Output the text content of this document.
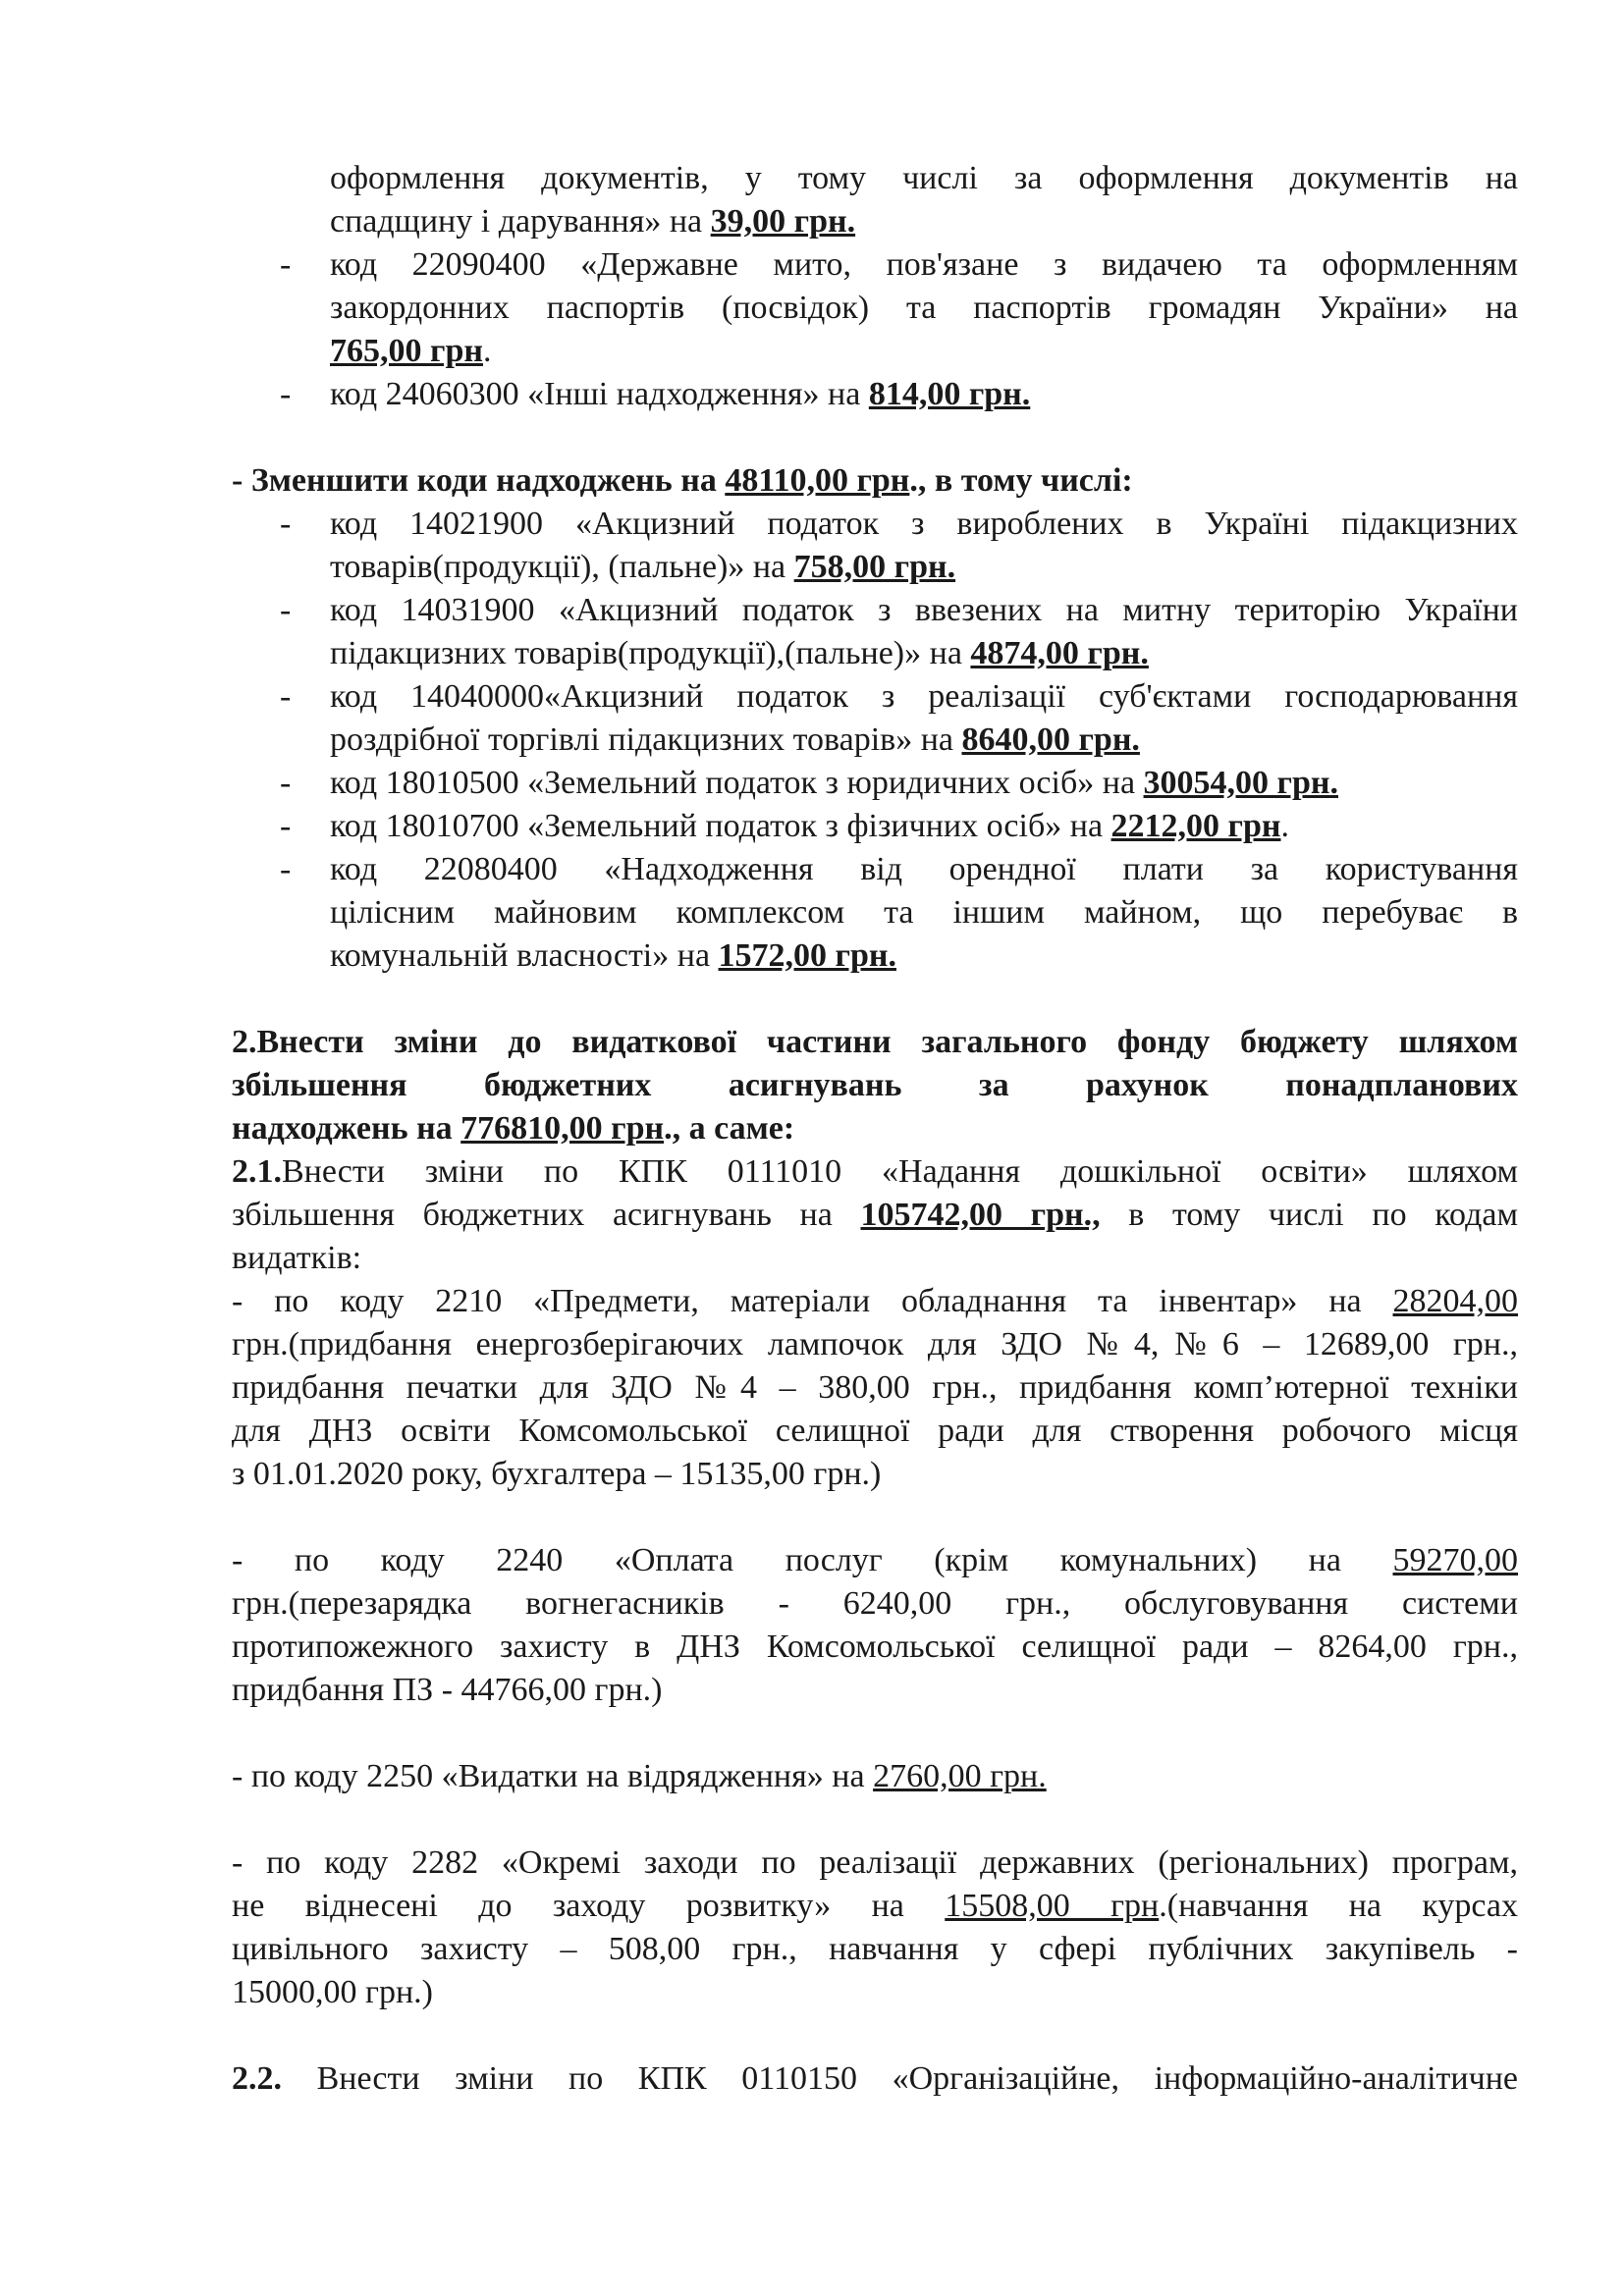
оформлення документів, у тому числі за оформлення документів на
спадщину і дарування» на 39,00 грн.
- код 22090400 «Державне мито, пов'язане з видачею та оформленням
закордонних паспортів (посвідок) та паспортів громадян України» на
765,00 грн.
- код 24060300 «Інші надходження» на 814,00 грн.
- Зменшити коди надходжень на 48110,00 грн., в тому числі:
- код 14021900 «Акцизний податок з вироблених в Україні підакцизних
товарів(продукції), (пальне)» на 758,00 грн.
- код 14031900 «Акцизний податок з ввезених на митну територію України
підакцизних товарів(продукції),(пальне)» на 4874,00 грн.
- код 14040000«Акцизний податок з реалізації суб'єктами господарювання
роздрібної торгівлі підакцизних товарів» на 8640,00 грн.
- код 18010500 «Земельний податок з юридичних осіб» на 30054,00 грн.
- код 18010700 «Земельний податок з фізичних осіб» на 2212,00 грн.
- код 22080400 «Надходження від орендної плати за користування
цілісним майновим комплексом та іншим майном, що перебуває в
комунальній власності» на 1572,00 грн.
2.Внести зміни до видаткової частини загального фонду бюджету шляхом
збільшення бюджетних асигнувань за рахунок понадпланових
надходжень на 776810,00 грн., а саме:
2.1.Внести зміни по КПК 0111010 «Надання дошкільної освіти» шляхом
збільшення бюджетних асигнувань на 105742,00 грн., в тому числі по кодам
видатків:
- по коду 2210 «Предмети, матеріали обладнання та інвентар» на 28204,00
грн.(придбання енергозберігаючих лампочок для ЗДО №4,№6 – 12689,00 грн.,
придбання печатки для ЗДО №4 – 380,00 грн., придбання комп’ютерної техніки
для ДНЗ освіти Комсомольської селищної ради для створення робочого місця
з 01.01.2020 року, бухгалтера – 15135,00 грн.)
- по коду 2240 «Оплата послуг (крім комунальних) на 59270,00
грн.(перезарядка вогнегасників - 6240,00 грн., обслуговування системи
протипожежного захисту в ДНЗ Комсомольської селищної ради – 8264,00 грн.,
придбання ПЗ - 44766,00 грн.)
- по коду 2250 «Видатки на відрядження» на 2760,00 грн.
- по коду 2282 «Окремі заходи по реалізації державних (регіональних) програм,
не віднесені до заходу розвитку» на 15508,00 грн.(навчання на курсах
цивільного захисту – 508,00 грн., навчання у сфері публічних закупівель -
15000,00 грн.)
2.2. Внести зміни по КПК 0110150 «Організаційне, інформаційно-аналітичне
